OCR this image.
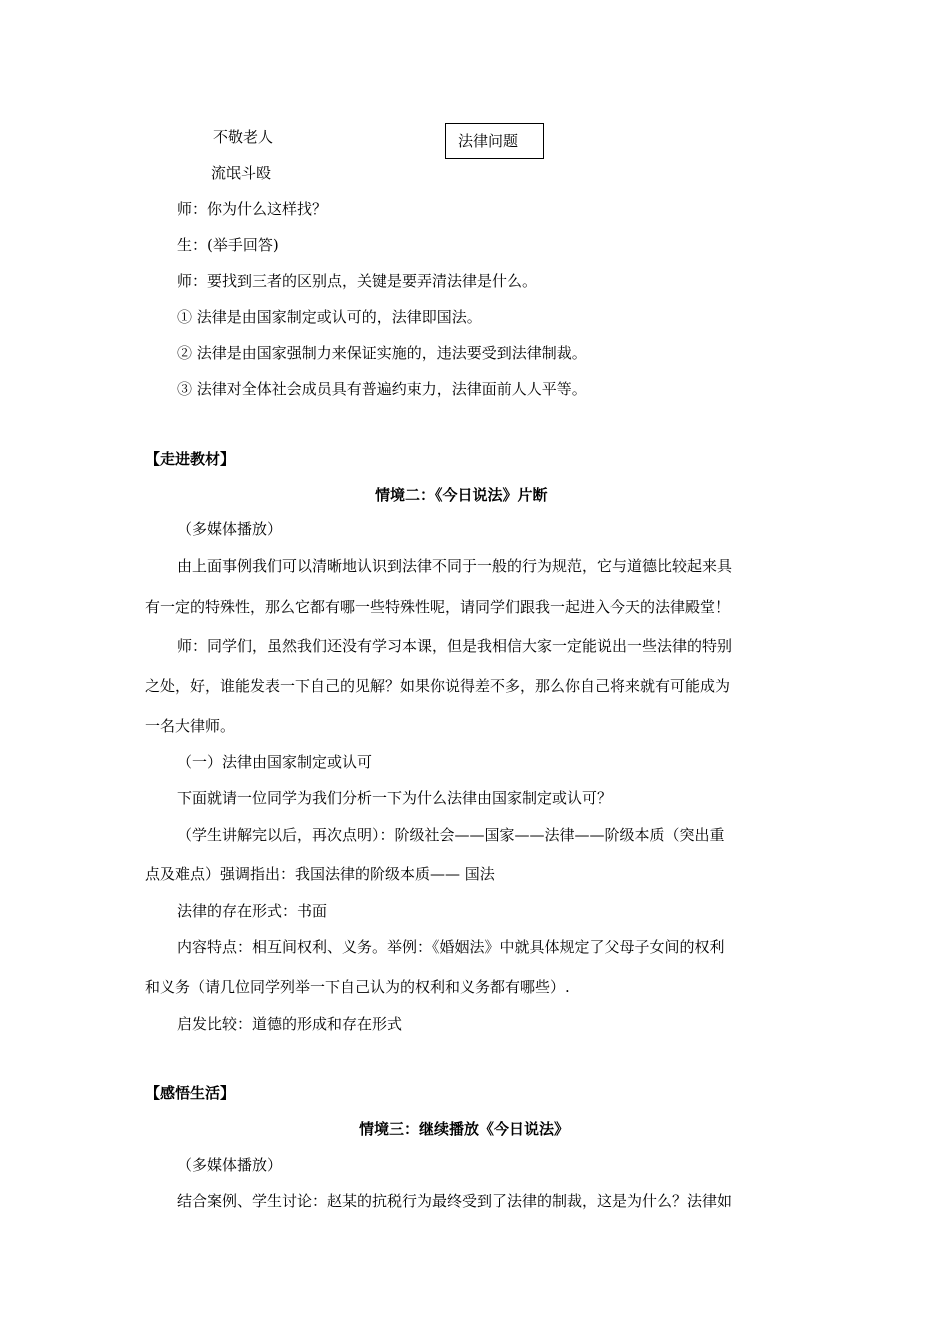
不敬老人
流氓斗殴
法律问题
师：你为什么这样找？
生：(举手回答)
师：要找到三者的区别点，关键是要弄清法律是什么。
① 法律是由国家制定或认可的，法律即国法。
② 法律是由国家强制力来保证实施的，违法要受到法律制裁。
③ 法律对全体社会成员具有普遍约束力，法律面前人人平等。
【走进教材】
情境二：《今日说法》片断
（多媒体播放）
由上面事例我们可以清晰地认识到法律不同于一般的行为规范，它与道德比较起来具
有一定的特殊性，那么它都有哪一些特殊性呢，请同学们跟我一起进入今天的法律殿堂！
师：同学们，虽然我们还没有学习本课，但是我相信大家一定能说出一些法律的特别
之处，好，谁能发表一下自己的见解？如果你说得差不多，那么你自己将来就有可能成为
一名大律师。
（一）法律由国家制定或认可
下面就请一位同学为我们分析一下为什么法律由国家制定或认可？
（学生讲解完以后，再次点明）：阶级社会——国家——法律——阶级本质（突出重
点及难点）强调指出：我国法律的阶级本质—— 国法
法律的存在形式：书面
内容特点：相互间权利、义务。举例：《婚姻法》中就具体规定了父母子女间的权利
和义务（请几位同学列举一下自己认为的权利和义务都有哪些）.
启发比较：道德的形成和存在形式
【感悟生活】
情境三：继续播放《今日说法》
（多媒体播放）
结合案例、学生讨论：赵某的抗税行为最终受到了法律的制裁，这是为什么？法律如
